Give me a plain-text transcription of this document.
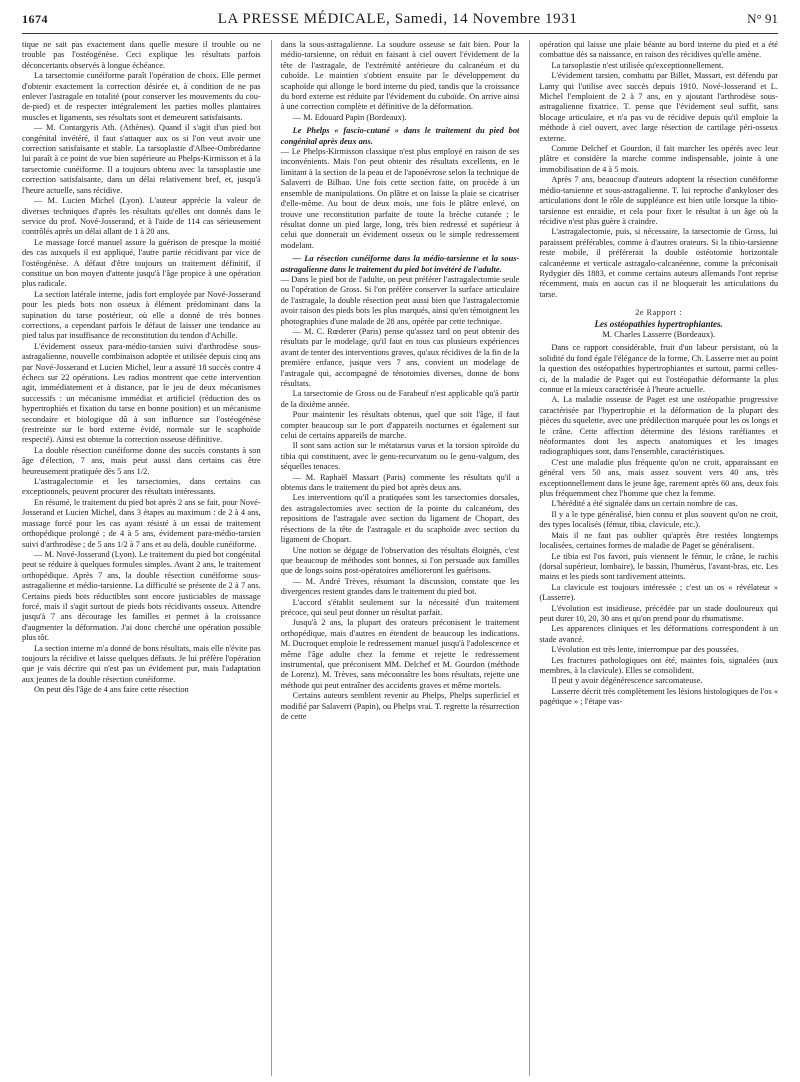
1674	LA PRESSE MÉDICALE, Samedi, 14 Novembre 1931	N° 91

tique ne sait pas exactement dans quelle mesure il trouble ou ne trouble pas l'ostéogénèse. Ceci explique les résultats parfois déconcertants observés à longue échéance.

La tarsectomie cunéiforme paraît l'opération de choix. Elle permet d'obtenir exactement la correction désirée et, à condition de ne pas enlever l'astragale en totalité (pour conserver les mouvements du cou-de-pied) et de respecter intégralement les parties molles plantaires muscles et ligaments, ses résultats sont et demeurent satisfaisants.

— M. Contargyris Ath. (Athènes). Quand il s'agit d'un pied bot congénital invétéré, il faut s'attaquer aux os si l'on veut avoir une correction satisfaisante et stable. La tarsoplastie d'Albee-Ombrédanne lui paraît à ce point de vue bien supérieure au Phelps-Kirmisson et à la tarsectomie cunéiforme. Il a toujours obtenu avec la tarsoplastie une correction satisfaisante, dans un délai relativement bref, et, jusqu'à l'heure actuelle, sans récidive.

— M. Lucien Michel (Lyon). L'auteur apprécie la valeur de diverses techniques d'après les résultats qu'elles ont donnés dans le service du prof. Nové-Josserand, et à l'aide de 114 cas sérieusement contrôlés après un délai allant de 1 à 20 ans.

Le massage forcé manuel assure la guérison de presque la moitié des cas auxquels il est appliqué, l'autre partie récidivant par vice de l'ostéogénèse. A défaut d'être toujours un traitement définitif, il constitue un bon moyen d'attente jusqu'à l'âge propice à une opération plus radicale.

La section latérale interne, jadis fort employée par Nové-Josserand pour les pieds bots non osseux à élément prédominant dans la supination du tarse postérieur, où elle a donné de très bonnes corrections, a cependant parfois le défaut de laisser une tendance au pied talus par insuffisance de reconstitution du tendon d'Achille.

L'évidement osseux para-médio-tarsien suivi d'arthrodèse sous-astragalienne, nouvelle combinaison adoptée et utilisée depuis cinq ans par Nové-Josserand et Lucien Michel, leur a assuré 18 succès contre 4 échecs sur 22 opérations. Les radios montrent que cette intervention agit, immédiatement et à distance, par le jeu de deux mécanismes successifs : un mécanisme immédiat et artificiel (réduction des os hypertrophiés et fixation du tarse en bonne position) et un mécanisme secondaire et biologique dû à son influence sur l'ostéogénèse (restreinte sur le bord externe évidé, normale sur le scaphoïde respecté). Ainsi est obtenue la correction osseuse définitive.

La double résection cunéiforme donne des succès constants à son âge d'élection, 7 ans, mais peut aussi dans certains cas être heureusement pratiquée dès 5 ans 1/2.

L'astragalectomie et les tarsectomies, dans certains cas exceptionnels, peuvent procurer des résultats intéressants.

En résumé, le traitement du pied bot après 2 ans se fait, pour Nové-Josserand et Lucien Michel, dans 3 étapes au maximum : de 2 à 4 ans, massage forcé pour les cas ayant résisté à un essai de traitement orthopédique prolongé ; de 4 à 5 ans, évidement para-médio-tarsien suivi d'arthrodèse ; de 5 ans 1/2 à 7 ans et au delà, double cunéiforme.

— M. Nové-Josserand (Lyon). Le traitement du pied bot congénital peut se réduire à quelques formules simples. Avant 2 ans, le traitement orthopédique. Après 7 ans, la double résection cunéiforme sous-astragalienne et médio-tarsienne. La difficulté se présente de 2 à 7 ans. Certains pieds bots réductibles sont encore justiciables de massage forcé, mais il s'agit surtout de pieds bots récidivants osseux. Attendre jusqu'à 7 ans décourage les familles et permet à la croissance d'augmenter la déformation. J'ai donc cherché une opération possible plus tôt.

La section interne m'a donné de bons résultats, mais elle n'évite pas toujours la récidive et laisse quelques défauts. Je lui préfère l'opération que je vais décrire qui n'est pas un évidement pur, mais l'adaptation aux jeunes de la double résection cunéiforme.

On peut dès l'âge de 4 ans faire cette résection

dans la sous-astragalienne. La soudure osseuse se fait bien. Pour la médio-tarsienne, on réduit en faisant à ciel ouvert l'évidement de la tête de l'astragale, de l'extrémité antérieure du calcanéum et du cuboïde. Le maintien s'obtient ensuite par le développement du scaphoïde qui allonge le bord interne du pied, tandis que la croissance du bord externe est réduite par l'évidement du cuboïde. On arrive ainsi à une correction complète et définitive de la déformation.

— M. Edouard Papin (Bordeaux).

Le Phelps « fascio-cutané » dans le traitement du pied bot congénital après deux ans.

— Le Phelps-Kirmisson classique n'est plus employé en raison de ses inconvénients. Mais l'on peut obtenir des résultats excellents, en le limitant à la section de la peau et de l'aponévrose selon la technique de Salaverri de Bilbao. Une fois cette section faite, on procède à un ensemble de manipulations. On plâtre et on laisse la plaie se cicatriser d'elle-même. Au bout de deux mois, une fois le plâtre enlevé, on trouve une reconstitution parfaite de toute la brèche cutanée ; le résultat donne un pied large, long, très bien redressé et supérieur à celui que donnerait un évidement osseux ou le simple redressement modelant.

— La résection cunéiforme dans la médio-tarsienne et la sous-astragalienne dans le traitement du pied bot invétéré de l'adulte.

— Dans le pied bot de l'adulte, on peut préférer l'astragalectomie seule ou l'opération de Gross. Si l'on préfère conserver la surface articulaire de l'astragale, la double résection peut aussi bien que l'astragalectomie avoir raison des pieds bots les plus marqués, ainsi qu'en témoignent les photographies d'une malade de 28 ans, opérée par cette technique.

— M. C. Rœderer (Paris) pense qu'assez tard on peut obtenir des résultats par le modelage, qu'il faut en tous cas plusieurs expériences avant de tenter des interventions graves, qu'aux récidives de la fin de la première enfance, jusque vers 7 ans, convient un modelage de l'astragale qui, accompagné de ténotomies diverses, donne de bons résultats.

La tarsectomie de Gross ou de Farabeuf n'est applicable qu'à partir de la dixième année.

Pour maintenir les résultats obtenus, quel que soit l'âge, il faut compter beaucoup sur le port d'appareils nocturnes et également sur celui de certains appareils de marche.

Il sont sans action sur le métatarsus varus et la torsion spiroïde du tibia qui constituent, avec le genu-recurvatum ou le genu-valgum, des séquelles tenaces.

— M. Raphaël Massart (Paris) commente les résultats qu'il a obtenus dans le traitement du pied bot après deux ans.

Les interventions qu'il a pratiquées sont les tarsectomies dorsales, des astragalectomies avec section de la pointe du calcanéum, des repositions de l'astragale avec section du ligament de Chopart, des résections de la tête de l'astragale et du scaphoïde avec section du ligament de Chopart.

Une notion se dégage de l'observation des résultats éloignés, c'est que beaucoup de méthodes sont bonnes, si l'on persuade aux familles que de longs soins post-opératoires amélioreront les guérisons.

— M. André Trèves, résumant la discussion, constate que les divergences restent grandes dans le traitement du pied bot.

L'accord s'établit seulement sur la nécessité d'un traitement précoce, qui seul peut donner un résultat parfait.

Jusqu'à 2 ans, la plupart des orateurs préconisent le traitement orthopédique, mais d'autres en étendent de beaucoup les indications. M. Ducroquet emploie le redressement manuel jusqu'à l'adolescence et même l'âge adulte chez la femme et rejette le redressement instrumental, que préconisent MM. Delchef et M. Gourdon (méthode de Lorenz). M. Trèves, sans méconnaître les bons résultats, rejette une méthode qui peut entraîner des accidents graves et même mortels.

Certains auteurs semblent revenir au Phelps, Phelps superficiel et modifié par Salaverri (Papin), ou Phelps vrai. T. regrette la résurrection de cette

opération qui laisse une plaie béante au bord interne du pied et a été combattue dès sa naissance, en raison des récidives qu'elle amène.

La tarsoplastie n'est utilisée qu'exceptionnellement.

L'évidement tarsien, combattu par Billet, Massart, est défendu par Lamy qui l'utilise avec succès depuis 1910. Nové-Josserand et L. Michel l'emploient de 2 à 7 ans, en y ajoutant l'arthrodèse sous-astragalienne fixatrice. T. pense que l'évidement seul suffit, sans blocage articulaire, et n'a pas vu de récidive depuis qu'il emploie la méthode à ciel ouvert, avec large résection de cartilage péri-osseux externe.

Comme Delchef et Gourdon, il fait marcher les opérés avec leur plâtre et considère la marche comme indispensable, jointe à une immobilisation de 4 à 5 mois.

Après 7 ans, beaucoup d'auteurs adoptent la résection cunéiforme médio-tarsienne et sous-astragalienne. T. lui reproche d'ankyloser des articulations dont le rôle de suppléance est bien utile lorsque la tibio-tarsienne est enraidie, et cela pour fixer le résultat à un âge où la récidive n'est plus guère à craindre.

L'astragalectomie, puis, si nécessaire, la tarsectomie de Gross, lui paraissent préférables, comme à d'autres orateurs. Si la tibio-tarsienne reste mobile, il préférerait la double ostéotomie horizontale calcanéenne et verticale astragalo-calcanéenne, comme la préconisait Rydygier dès 1883, et comme certains auteurs allemands l'ont reprise récemment, mais en aucun cas il ne bloquerait les articulations du tarse.

2e Rapport :

Les ostéopathies hypertrophiantes.

M. Charles Lasserre (Bordeaux).

Dans ce rapport considérable, fruit d'un labeur persistant, où la solidité du fond égale l'élégance de la forme, Ch. Lasserre met au point la question des ostéopathies hypertrophiantes et surtout, parmi celles-ci, de la maladie de Paget qui est l'ostéopathie déformante la plus connue et la mieux caractérisée à l'heure actuelle.

A. La maladie osseuse de Paget est une ostéopathie progressive caractérisée par l'hypertrophie et la déformation de la plupart des pièces du squelette, avec une prédilection marquée pour les os longs et le crâne. Cette affection détermine des lésions raréfiantes et néoformantes dont les aspects anatomiques et les images radiographiques sont, dans l'ensemble, caractéristiques.

C'est une maladie plus fréquente qu'on ne croit, apparaissant en général vers 50 ans, mais assez souvent vers 40 ans, très exceptionnellement dans le jeune âge, rarement après 60 ans, deux fois plus fréquemment chez l'homme que chez la femme.

L'hérédité a été signalée dans un certain nombre de cas.

Il y a le type généralisé, bien connu et plus souvent qu'on ne croit, des types localisés (fémur, tibia, clavicule, etc.).

Mais il ne faut pas oublier qu'après être restées longtemps localisées, certaines formes de maladie de Paget se généralisent.

Le tibia est l'os favori, puis viennent le fémur, le crâne, le rachis (dorsal supérieur, lombaire), le bassin, l'humérus, l'avant-bras, etc. Les mains et les pieds sont tardivement atteints.

La clavicule est toujours intéressée ; c'est un os « révélateur » (Lasserre).

L'évolution est insidieuse, précédée par un stade douloureux qui peut durer 10, 20, 30 ans et qu'on prend pour du rhumatisme.

Les apparences cliniques et les déformations correspondent à un stade avancé.

L'évolution est très lente, interrompue par des poussées.

Les fractures pathologiques ont été, maintes fois, signalées (aux membres, à la clavicule). Elles se consolident.

Il peut y avoir dégénérescence sarcomateuse.

Lasserre décrit très complètement les lésions histologiques de l'os « pagétique » ; l'étape vas-
